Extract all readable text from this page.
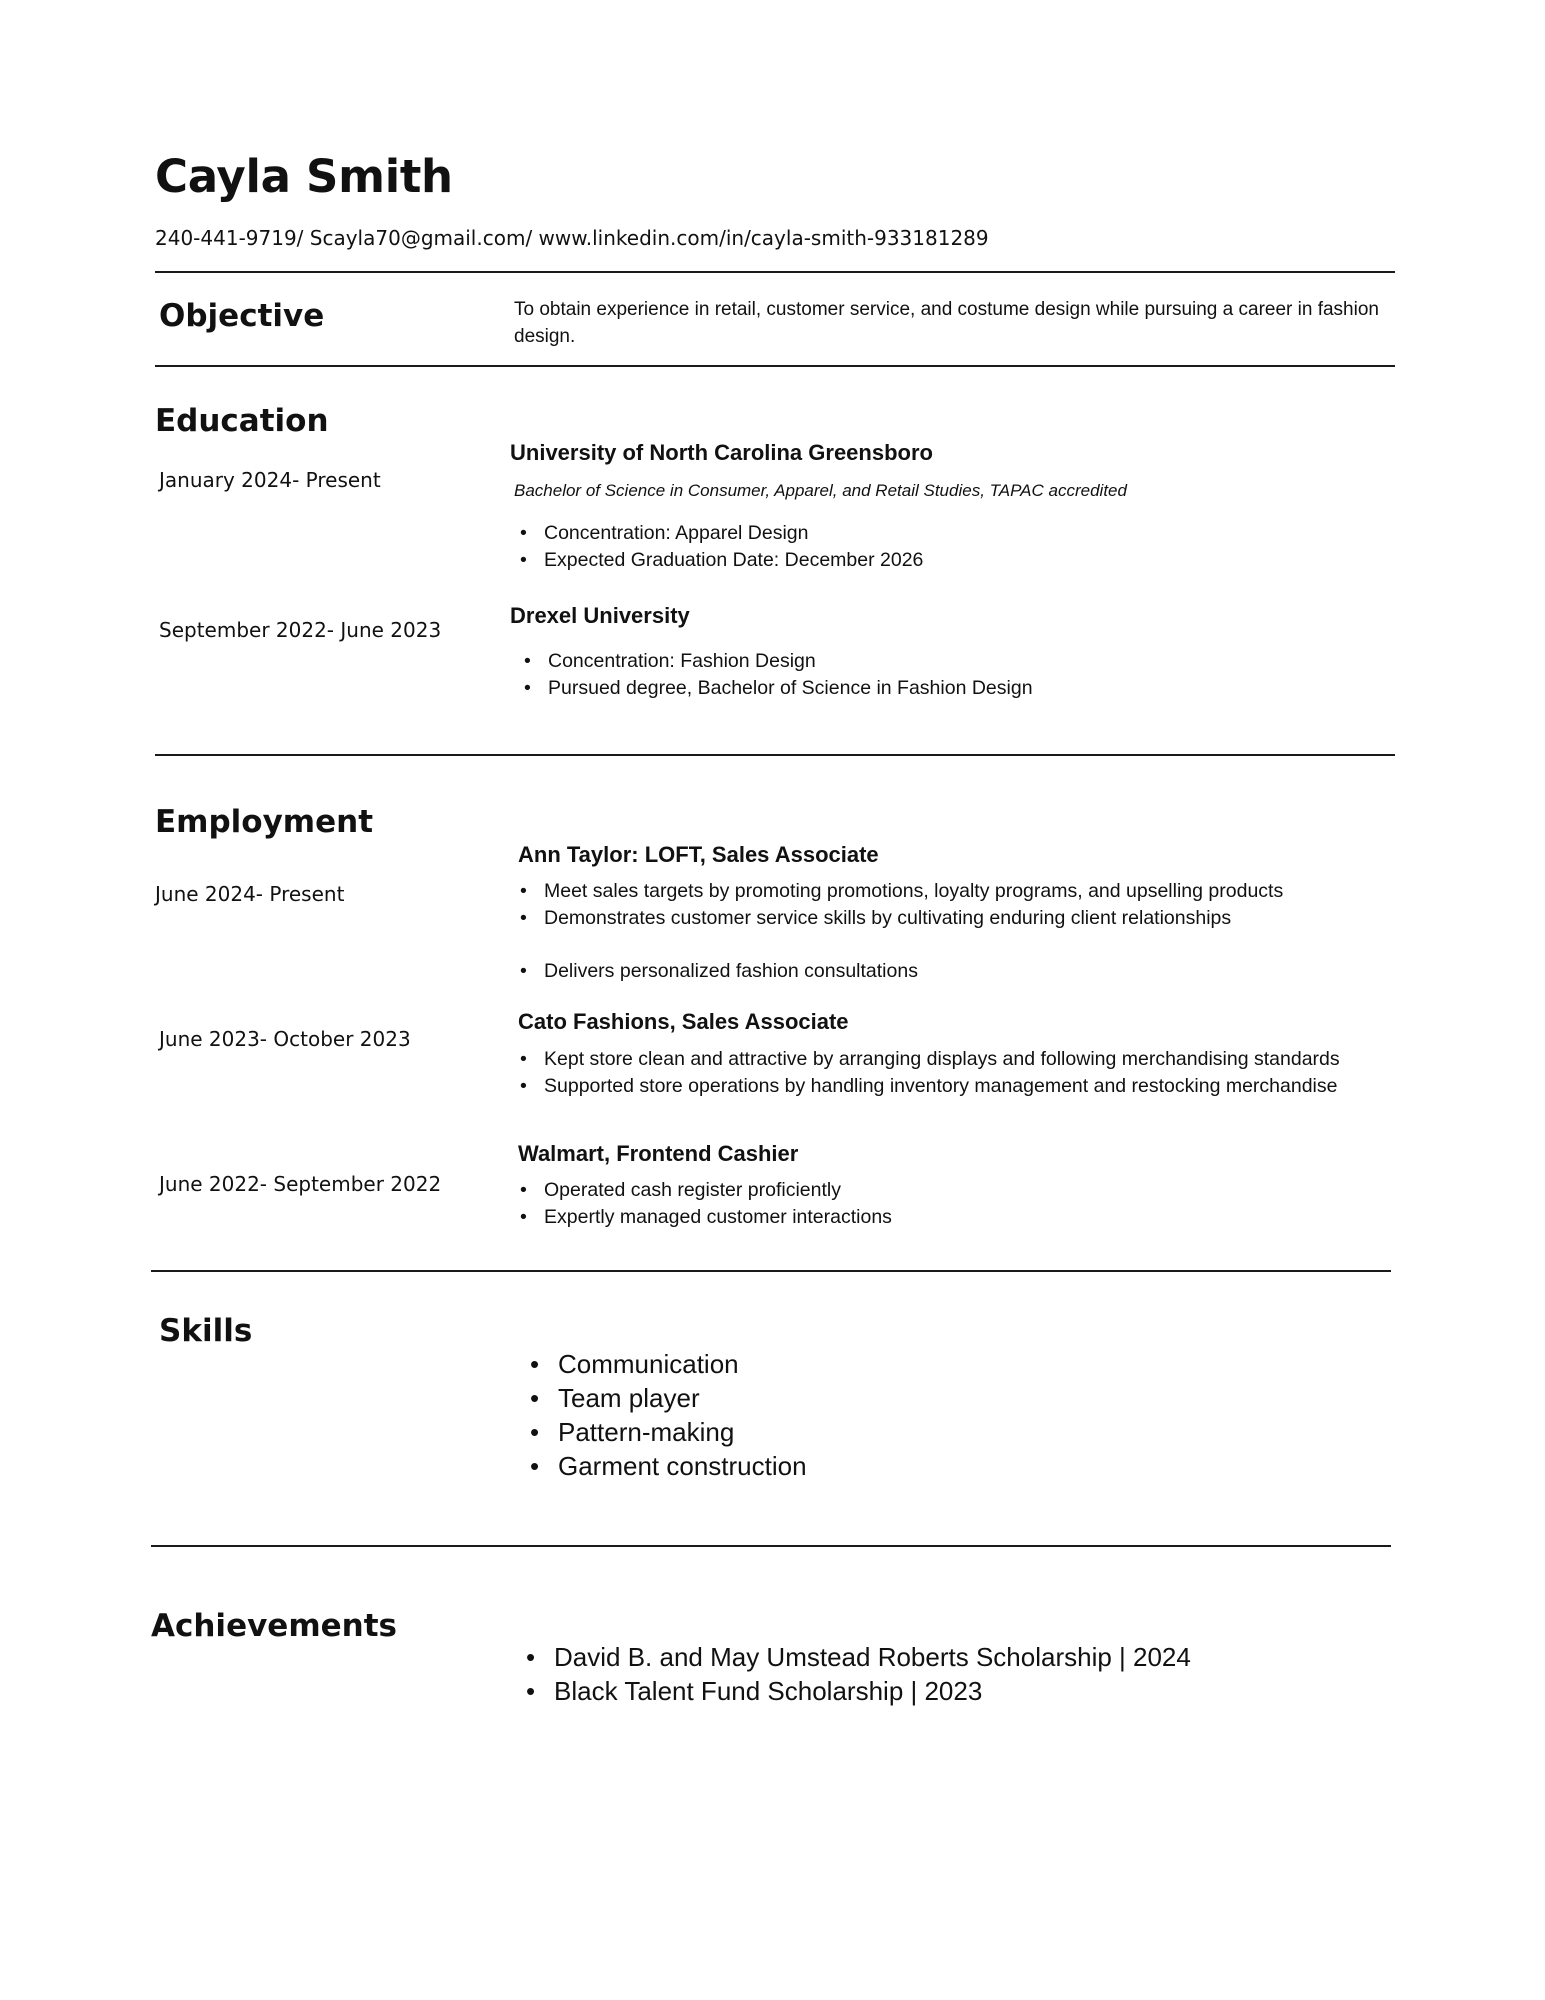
Cayla Smith
240-441-9719/ Scayla70@gmail.com/ www.linkedin.com/in/cayla-smith-933181289
Objective	To obtain experience in retail, customer service, and costume design while pursuing a career in fashion design.
Education
January 2024- Present
University of North Carolina Greensboro
Bachelor of Science in Consumer, Apparel, and Retail Studies, TAPAC accredited
• Concentration: Apparel Design
• Expected Graduation Date: December 2026
September 2022- June 2023
Drexel University
• Concentration: Fashion Design
• Pursued degree, Bachelor of Science in Fashion Design
Employment
June 2024- Present
Ann Taylor: LOFT, Sales Associate
• Meet sales targets by promoting promotions, loyalty programs, and upselling products
• Demonstrates customer service skills by cultivating enduring client relationships
• Delivers personalized fashion consultations
June 2023- October 2023
Cato Fashions, Sales Associate
• Kept store clean and attractive by arranging displays and following merchandising standards
• Supported store operations by handling inventory management and restocking merchandise
June 2022- September 2022
Walmart, Frontend Cashier
• Operated cash register proficiently
• Expertly managed customer interactions
Skills
• Communication
• Team player
• Pattern-making
• Garment construction
Achievements
• David B. and May Umstead Roberts Scholarship | 2024
• Black Talent Fund Scholarship | 2023
